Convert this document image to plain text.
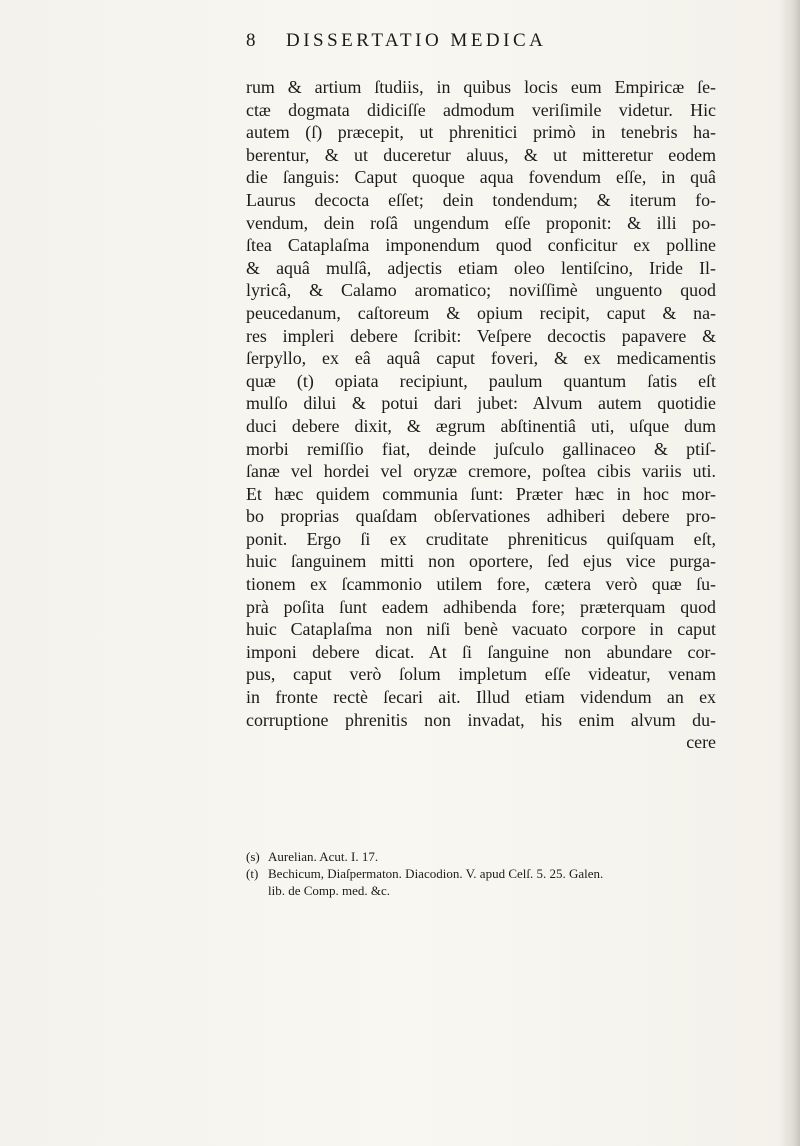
8	DISSERTATIO MEDICA
rum & artium ſtudiis, in quibus locis eum Empiricæ ſe-
ctæ dogmata didiciſſe admodum veriſimile videtur. Hic
autem (ſ) præcepit, ut phrenitici primò in tenebris ha-
berentur, & ut duceretur aluus, & ut mitteretur eodem
die ſanguis: Caput quoque aqua fovendum eſſe, in quâ
Laurus decocta eſſet; dein tondendum; & iterum fo-
vendum, dein roſâ ungendum eſſe proponit: & illi po-
ſtea Cataplaſma imponendum quod conficitur ex polline
& aquâ mulſâ, adjectis etiam oleo lentiſcino, Iride Il-
lyricâ, & Calamo aromatico; noviſſimè unguento quod
peucedanum, caſtoreum & opium recipit, caput & na-
res impleri debere ſcribit: Veſpere decoctis papavere &
ſerpyllo, ex eâ aquâ caput foveri, & ex medicamentis
quæ (t) opiata recipiunt, paulum quantum ſatis eſt
mulſo dilui & potui dari jubet: Alvum autem quotidie
duci debere dixit, & ægrum abſtinentiâ uti, uſque dum
morbi remiſſio fiat, deinde juſculo gallinaceo & ptiſ-
ſanæ vel hordei vel oryzæ cremore, poſtea cibis variis uti.
Et hæc quidem communia ſunt: Præter hæc in hoc mor-
bo proprias quaſdam obſervationes adhiberi debere pro-
ponit. Ergo ſi ex cruditate phreniticus quiſquam eſt,
huic ſanguinem mitti non oportere, ſed ejus vice purga-
tionem ex ſcammonio utilem fore, cætera verò quæ ſu-
prà poſita ſunt eadem adhibenda fore; præterquam quod
huic Cataplaſma non niſi benè vacuato corpore in caput
imponi debere dicat. At ſi ſanguine non abundare cor-
pus, caput verò ſolum impletum eſſe videatur, venam
in fronte rectè ſecari ait. Illud etiam videndum an ex
corruptione phrenitis non invadat, his enim alvum du-
cere
(s) Aurelian. Acut. I. 17.
(t) Bechicum, Diaſpermaton. Diacodion. V. apud Celſ. 5. 25. Galen.
lib. de Comp. med. &c.
